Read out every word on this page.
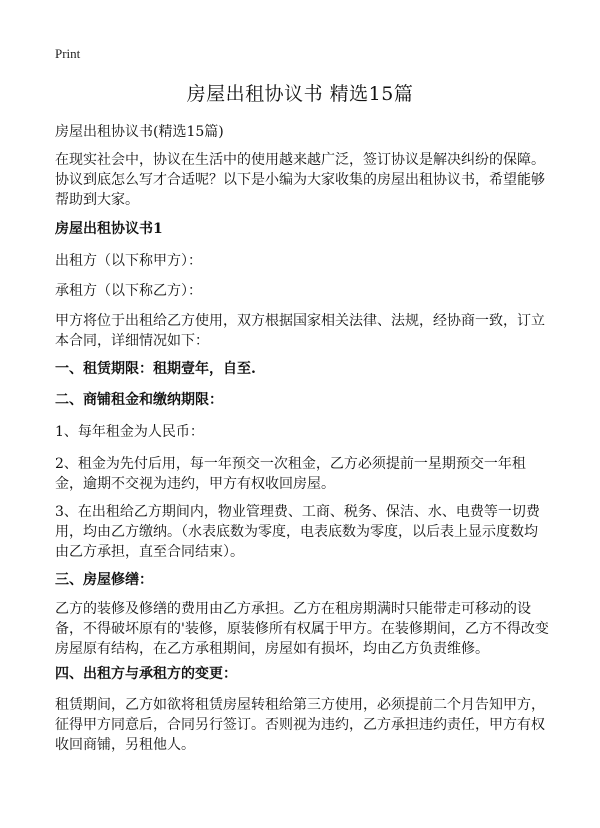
Print
房屋出租协议书 精选15篇
房屋出租协议书(精选15篇)

在现实社会中，协议在生活中的使用越来越广泛，签订协议是解决纠纷的保障。协议到底怎么写才合适呢？以下是小编为大家收集的房屋出租协议书，希望能够帮助到大家。

房屋出租协议书1

出租方（以下称甲方）：

承租方（以下称乙方）：

甲方将位于出租给乙方使用，双方根据国家相关法律、法规，经协商一致，订立本合同，详细情况如下：

一、租赁期限：租期壹年，自至.

二、商铺租金和缴纳期限：

1、每年租金为人民币：

2、租金为先付后用，每一年预交一次租金，乙方必须提前一星期预交一年租金，逾期不交视为违约，甲方有权收回房屋。

3、在出租给乙方期间内，物业管理费、工商、税务、保洁、水、电费等一切费用，均由乙方缴纳。（水表底数为零度，电表底数为零度，以后表上显示度数均由乙方承担，直至合同结束）。

三、房屋修缮：

乙方的装修及修缮的费用由乙方承担。乙方在租房期满时只能带走可移动的设备，不得破坏原有的'装修，原装修所有权属于甲方。在装修期间，乙方不得改变房屋原有结构，在乙方承租期间，房屋如有损坏，均由乙方负责维修。

四、出租方与承租方的变更：

租赁期间，乙方如欲将租赁房屋转租给第三方使用，必须提前二个月告知甲方，征得甲方同意后，合同另行签订。否则视为违约，乙方承担违约责任，甲方有权收回商铺，另租他人。
